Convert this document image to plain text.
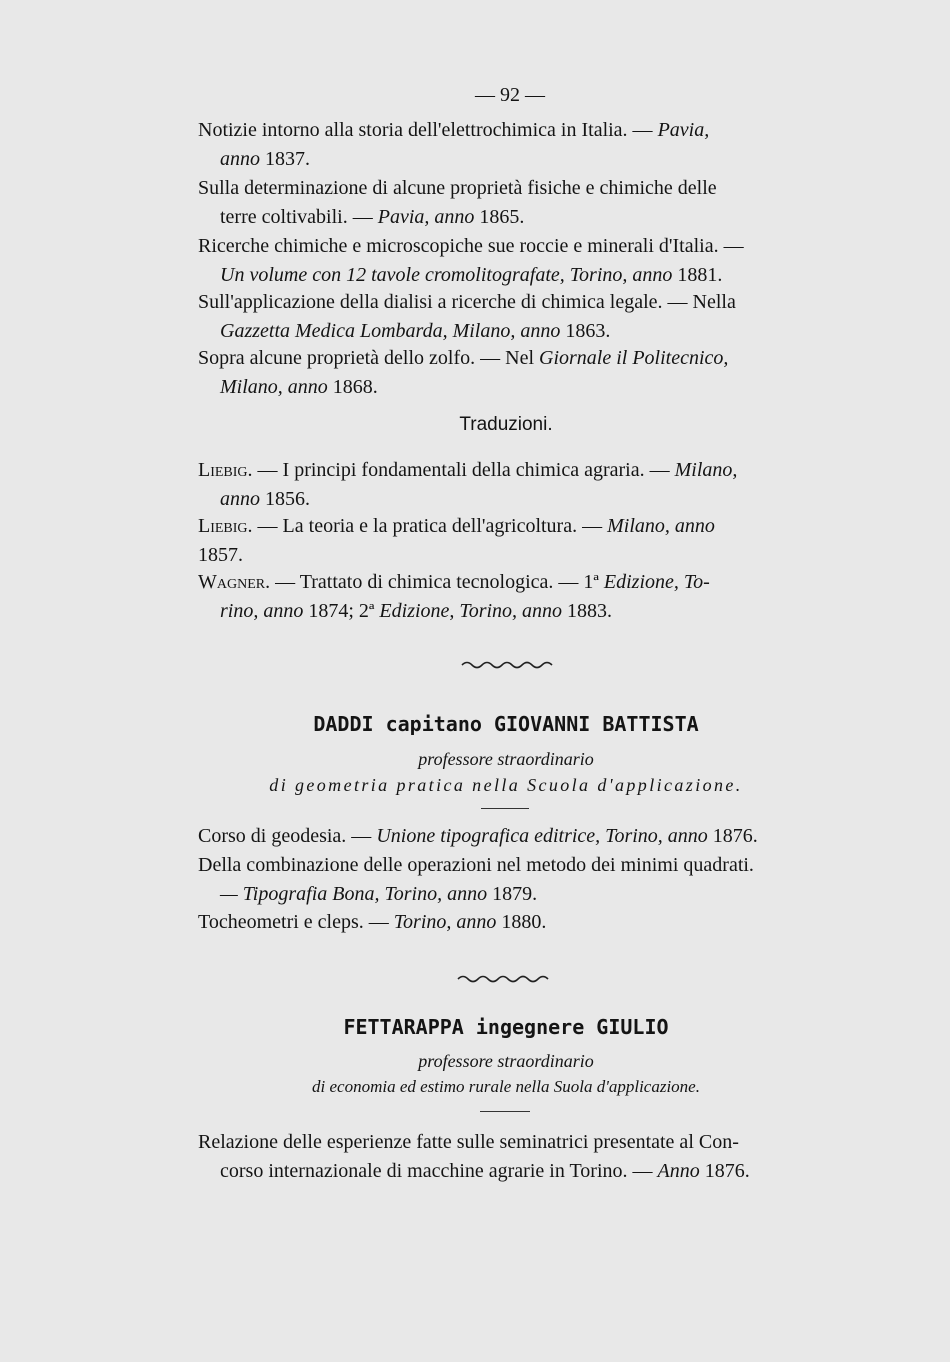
— 92 —
Notizie intorno alla storia dell'elettrochimica in Italia. — Pavia,
anno 1837.
Sulla determinazione di alcune proprietà fisiche e chimiche delle
terre coltivabili. — Pavia, anno 1865.
Ricerche chimiche e microscopiche sue roccie e minerali d'Italia. —
Un volume con 12 tavole cromolitografate, Torino, anno 1881.
Sull'applicazione della dialisi a ricerche di chimica legale. — Nella
Gazzetta Medica Lombarda, Milano, anno 1863.
Sopra alcune proprietà dello zolfo. — Nel Giornale il Politecnico,
Milano, anno 1868.
Traduzioni.
Liebig. — I principi fondamentali della chimica agraria. — Milano,
anno 1856.
Liebig. — La teoria e la pratica dell'agricoltura. — Milano, anno
1857.
Wagner. — Trattato di chimica tecnologica. — 1ª Edizione, To-
rino, anno 1874; 2ª Edizione, Torino, anno 1883.
DADDI capitano GIOVANNI BATTISTA
professore straordinario
di geometria pratica nella Scuola d'applicazione.
Corso di geodesia. — Unione tipografica editrice, Torino, anno 1876.
Della combinazione delle operazioni nel metodo dei minimi quadrati.
— Tipografia Bona, Torino, anno 1879.
Tocheometri e cleps. — Torino, anno 1880.
FETTARAPPA ingegnere GIULIO
professore straordinario
di economia ed estimo rurale nella Suola d'applicazione.
Relazione delle esperienze fatte sulle seminatrici presentate al Con-
corso internazionale di macchine agrarie in Torino. — Anno 1876.
